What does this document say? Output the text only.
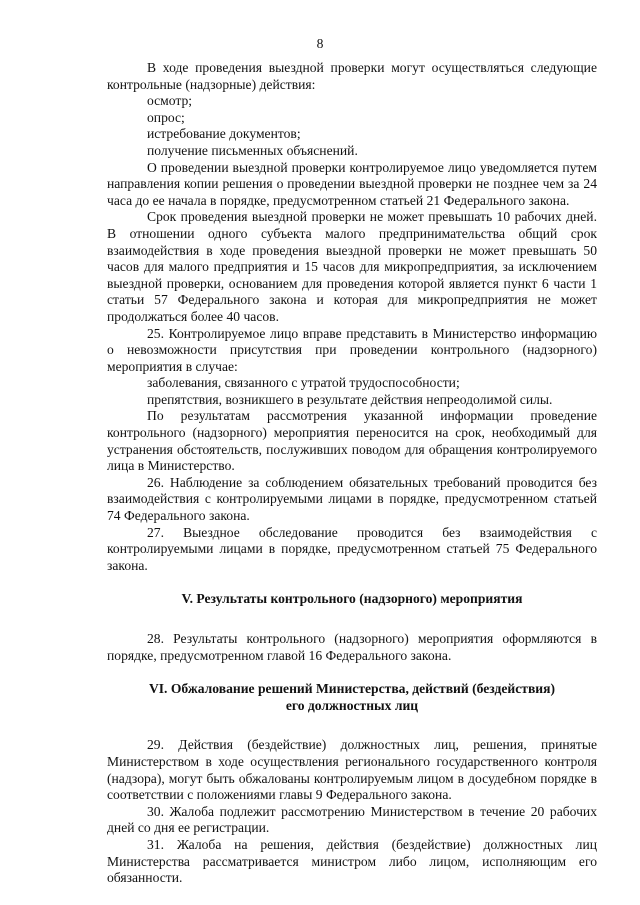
8

В ходе проведения выездной проверки могут осуществляться следующие контрольные (надзорные) действия:

осмотр;

опрос;

истребование документов;

получение письменных объяснений.

О проведении выездной проверки контролируемое лицо уведомляется путем направления копии решения о проведении выездной проверки не позднее чем за 24 часа до ее начала в порядке, предусмотренном статьей 21 Федерального закона.

Срок проведения выездной проверки не может превышать 10 рабочих дней. В отношении одного субъекта малого предпринимательства общий срок взаимодействия в ходе проведения выездной проверки не может превышать 50 часов для малого предприятия и 15 часов для микропредприятия, за исключением выездной проверки, основанием для проведения которой является пункт 6 части 1 статьи 57 Федерального закона и которая для микропредприятия не может продолжаться более 40 часов.

25. Контролируемое лицо вправе представить в Министерство информацию о невозможности присутствия при проведении контрольного (надзорного) мероприятия в случае:

заболевания, связанного с утратой трудоспособности;

препятствия, возникшего в результате действия непреодолимой силы.

По результатам рассмотрения указанной информации проведение контрольного (надзорного) мероприятия переносится на срок, необходимый для устранения обстоятельств, послуживших поводом для обращения контролируемого лица в Министерство.

26. Наблюдение за соблюдением обязательных требований проводится без взаимодействия с контролируемыми лицами в порядке, предусмотренном статьей 74 Федерального закона.

27. Выездное обследование проводится без взаимодействия с контролируемыми лицами в порядке, предусмотренном статьей 75 Федерального закона.

V. Результаты контрольного (надзорного) мероприятия

28. Результаты контрольного (надзорного) мероприятия оформляются в порядке, предусмотренном главой 16 Федерального закона.

VI. Обжалование решений Министерства, действий (бездействия)
его должностных лиц

29. Действия (бездействие) должностных лиц, решения, принятые Министерством в ходе осуществления регионального государственного контроля (надзора), могут быть обжалованы контролируемым лицом в досудебном порядке в соответствии с положениями главы 9 Федерального закона.

30. Жалоба подлежит рассмотрению Министерством в течение 20 рабочих дней со дня ее регистрации.

31. Жалоба на решения, действия (бездействие) должностных лиц Министерства рассматривается министром либо лицом, исполняющим его обязанности.
